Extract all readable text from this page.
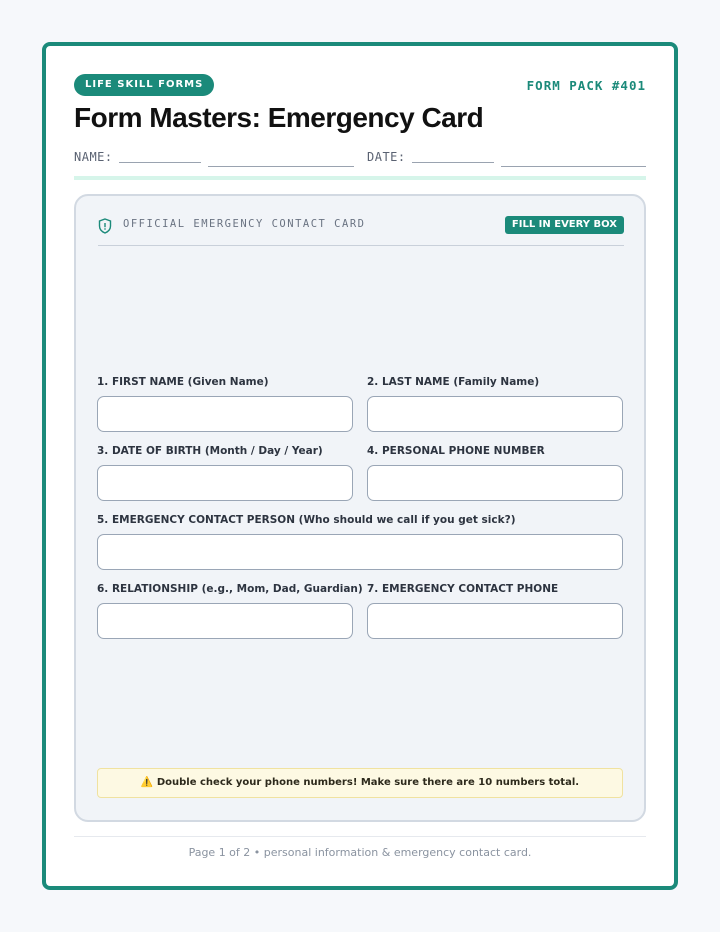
LIFE SKILL FORMS	FORM PACK #401
Form Masters: Emergency Card
NAME:	DATE:
OFFICIAL EMERGENCY CONTACT CARD	FILL IN EVERY BOX
1. FIRST NAME (Given Name)	2. LAST NAME (Family Name)
3. DATE OF BIRTH (Month / Day / Year)	4. PERSONAL PHONE NUMBER
5. EMERGENCY CONTACT PERSON (Who should we call if you get sick?)
6. RELATIONSHIP (e.g., Mom, Dad, Guardian) 7. EMERGENCY CONTACT PHONE
⚠️ Double check your phone numbers! Make sure there are 10 numbers total.
Page 1 of 2 • personal information & emergency contact card.
